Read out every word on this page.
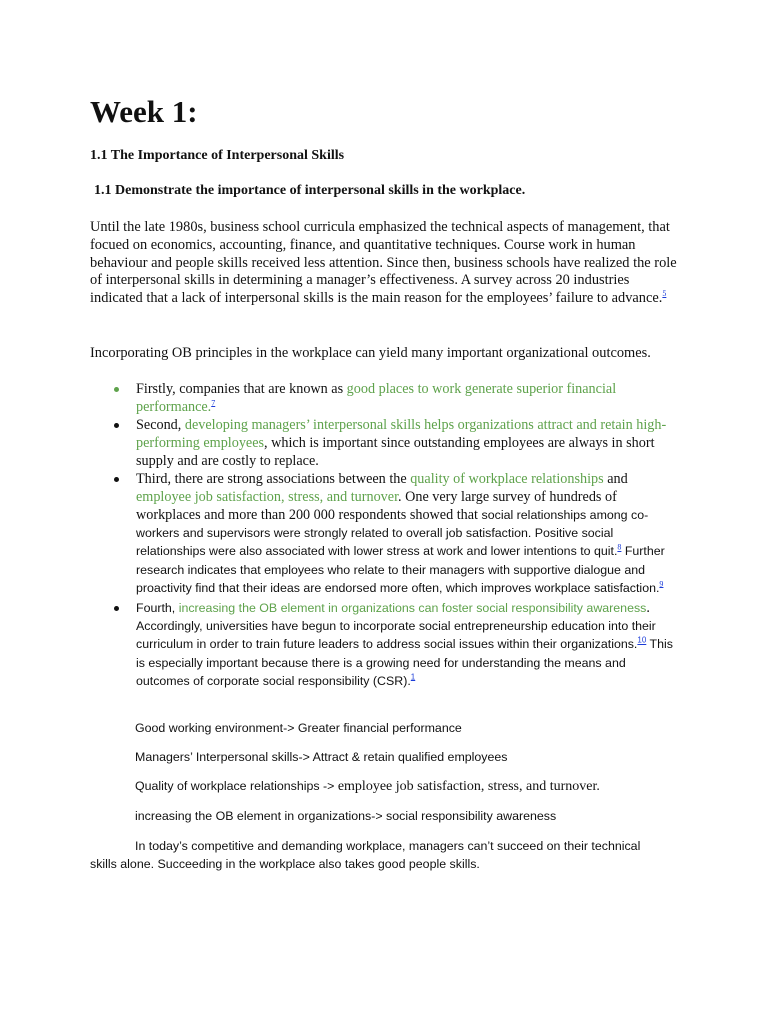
Week 1:

1.1 The Importance of Interpersonal Skills

1.1 Demonstrate the importance of interpersonal skills in the workplace.

Until the late 1980s, business school curricula emphasized the technical aspects of management, that focued on economics, accounting, finance, and quantitative techniques. Course work in human behaviour and people skills received less attention. Since then, business schools have realized the role of interpersonal skills in determining a manager’s effectiveness. A survey across 20 industries indicated that a lack of interpersonal skills is the main reason for the employees’ failure to advance.$^5$

Incorporating OB principles in the workplace can yield many important organizational outcomes.

Firstly, companies that are known as good places to work generate superior financial performance.$^7$
Second, developing managers’ interpersonal skills helps organizations attract and retain high-performing employees, which is important since outstanding employees are always in short supply and are costly to replace.
Third, there are strong associations between the quality of workplace relationships and employee job satisfaction, stress, and turnover. One very large survey of hundreds of workplaces and more than 200 000 respondents showed that social relationships among co-workers and supervisors were strongly related to overall job satisfaction. Positive social relationships were also associated with lower stress at work and lower intentions to quit.$^8$ Further research indicates that employees who relate to their managers with supportive dialogue and proactivity find that their ideas are endorsed more often, which improves workplace satisfaction.$^9$
Fourth, increasing the OB element in organizations can foster social responsibility awareness. Accordingly, universities have begun to incorporate social entrepreneurship education into their curriculum in order to train future leaders to address social issues within their organizations.$^{10}$ This is especially important because there is a growing need for understanding the means and outcomes of corporate social responsibility (CSR).$^1$

Good working environment-> Greater financial performance

Managers’ Interpersonal skills-> Attract & retain qualified employees

Quality of workplace relationships -> employee job satisfaction, stress, and turnover.

increasing the OB element in organizations-> social responsibility awareness

In today’s competitive and demanding workplace, managers can’t succeed on their technical skills alone. Succeeding in the workplace also takes good people skills.
